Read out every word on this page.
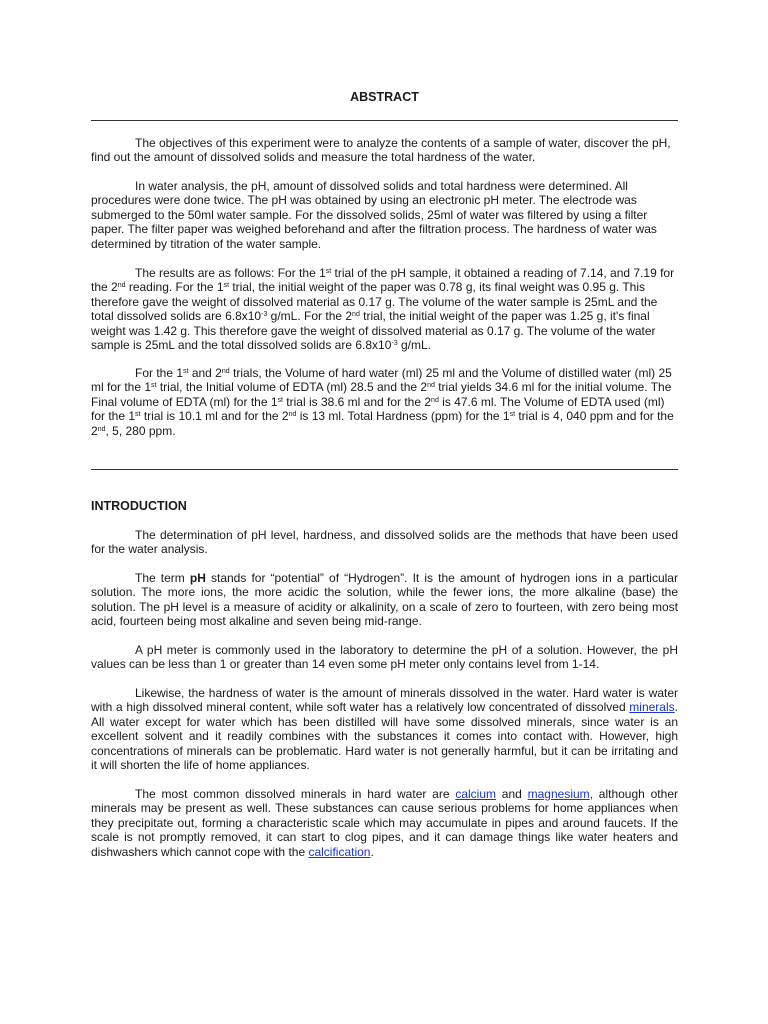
ABSTRACT

The objectives of this experiment were to analyze the contents of a sample of water, discover the pH, find out the amount of dissolved solids and measure the total hardness of the water.

In water analysis, the pH, amount of dissolved solids and total hardness were determined. All procedures were done twice. The pH was obtained by using an electronic pH meter. The electrode was submerged to the 50ml water sample. For the dissolved solids, 25ml of water was filtered by using a filter paper. The filter paper was weighed beforehand and after the filtration process. The hardness of water was determined by titration of the water sample.

The results are as follows: For the 1st trial of the pH sample, it obtained a reading of 7.14, and 7.19 for the 2nd reading. For the 1st trial, the initial weight of the paper was 0.78 g, its final weight was 0.95 g. This therefore gave the weight of dissolved material as 0.17 g. The volume of the water sample is 25mL and the total dissolved solids are $6.8x10^{-3}$ g/mL. For the 2nd trial, the initial weight of the paper was 1.25 g, it's final weight was 1.42 g. This therefore gave the weight of dissolved material as 0.17 g. The volume of the water sample is 25mL and the total dissolved solids are $6.8x10^{-3}$ g/mL.

For the 1st and 2nd trials, the Volume of hard water (ml) 25 ml and the Volume of distilled water (ml) 25 ml for the 1st trial, the Initial volume of EDTA (ml) 28.5 and the 2nd trial yields 34.6 ml for the initial volume. The Final volume of EDTA (ml) for the 1st trial is 38.6 ml and for the 2nd is 47.6 ml. The Volume of EDTA used (ml) for the 1st trial is 10.1 ml and for the 2nd is 13 ml. Total Hardness (ppm) for the 1st trial is 4, 040 ppm and for the 2nd, 5, 280 ppm.

INTRODUCTION

The determination of pH level, hardness, and dissolved solids are the methods that have been used for the water analysis.

The term pH stands for “potential” of “Hydrogen”. It is the amount of hydrogen ions in a particular solution. The more ions, the more acidic the solution, while the fewer ions, the more alkaline (base) the solution. The pH level is a measure of acidity or alkalinity, on a scale of zero to fourteen, with zero being most acid, fourteen being most alkaline and seven being mid-range.

A pH meter is commonly used in the laboratory to determine the pH of a solution. However, the pH values can be less than 1 or greater than 14 even some pH meter only contains level from 1-14.

Likewise, the hardness of water is the amount of minerals dissolved in the water. Hard water is water with a high dissolved mineral content, while soft water has a relatively low concentrated of dissolved minerals. All water except for water which has been distilled will have some dissolved minerals, since water is an excellent solvent and it readily combines with the substances it comes into contact with. However, high concentrations of minerals can be problematic. Hard water is not generally harmful, but it can be irritating and it will shorten the life of home appliances.

The most common dissolved minerals in hard water are calcium and magnesium, although other minerals may be present as well. These substances can cause serious problems for home appliances when they precipitate out, forming a characteristic scale which may accumulate in pipes and around faucets. If the scale is not promptly removed, it can start to clog pipes, and it can damage things like water heaters and dishwashers which cannot cope with the calcification.
